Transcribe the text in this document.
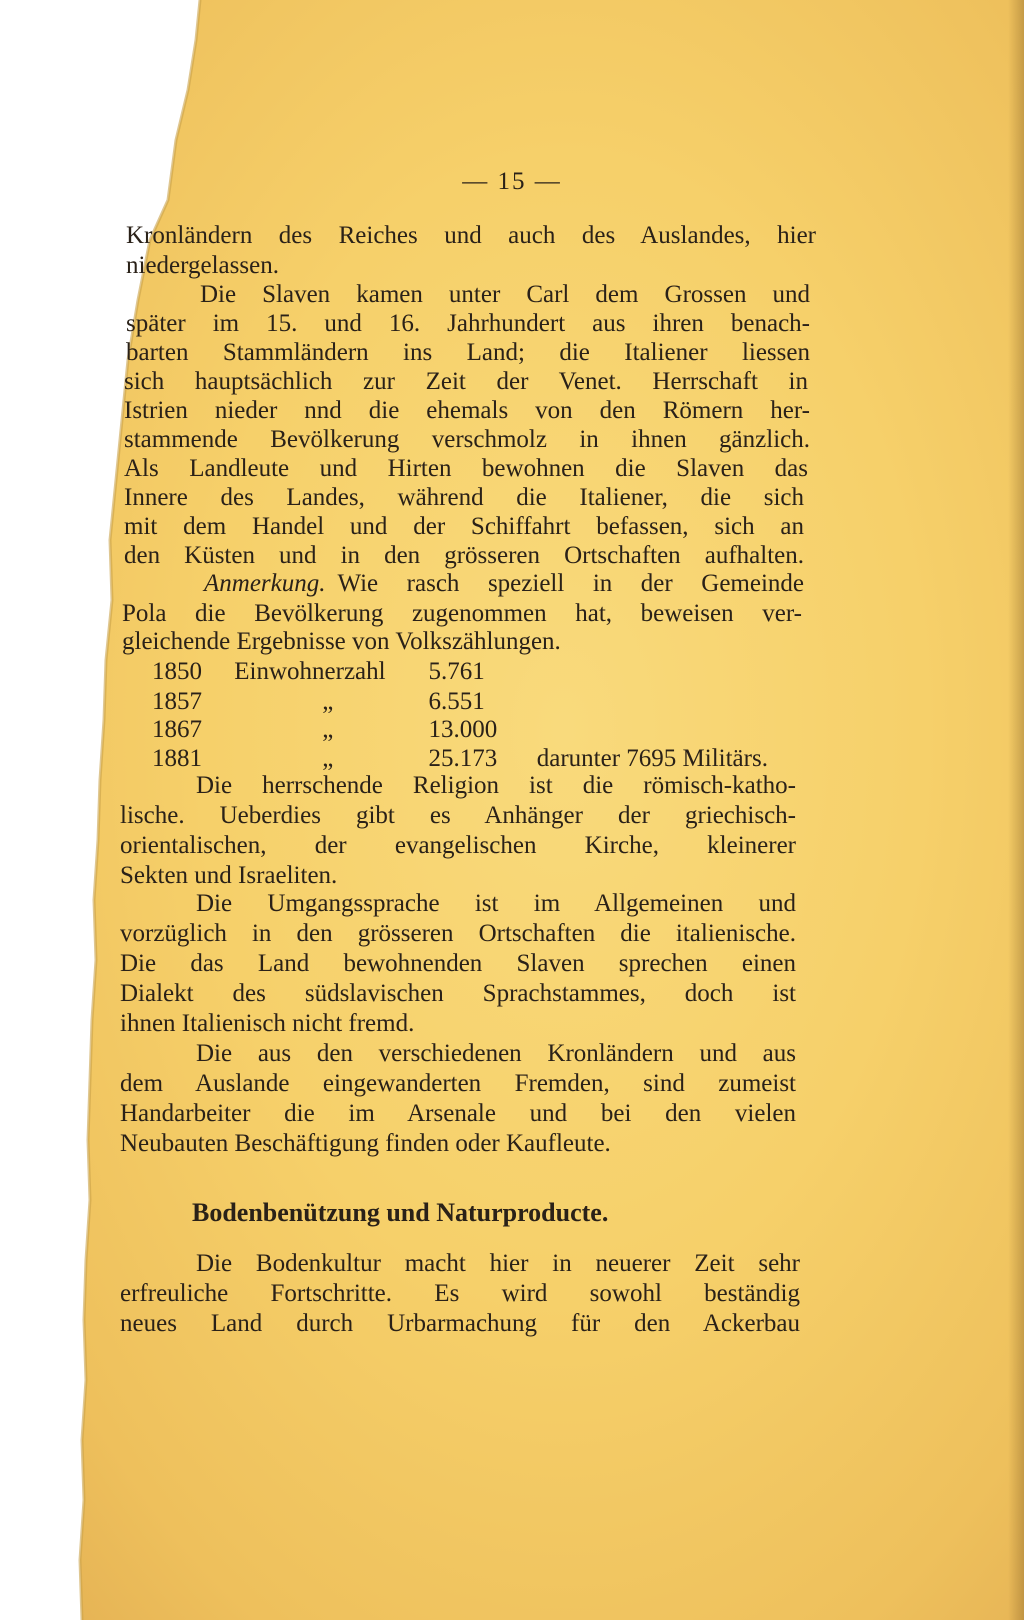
— 15 —
Kronländern des Reiches und auch des Auslandes, hier
niedergelassen.
Die Slaven kamen unter Carl dem Grossen und
später im 15. und 16. Jahrhundert aus ihren benach-
barten Stammländern ins Land; die Italiener liessen
sich hauptsächlich zur Zeit der Venet. Herrschaft in
Istrien nieder nnd die ehemals von den Römern her-
stammende Bevölkerung verschmolz in ihnen gänzlich.
Als Landleute und Hirten bewohnen die Slaven das
Innere des Landes, während die Italiener, die sich
mit dem Handel und der Schiffahrt befassen, sich an
den Küsten und in den grösseren Ortschaften aufhalten.
Anmerkung. Wie rasch speziell in der Gemeinde
Pola die Bevölkerung zugenommen hat, beweisen ver-
gleichende Ergebnisse von Volkszählungen.
1850 Einwohnerzahl 5.761
1857	„	6.551
1867	„	13.000
1881	„	25.173 darunter 7695 Militärs.
Die herrschende Religion ist die römisch-katho-
lische. Ueberdies gibt es Anhänger der griechisch-
orientalischen, der evangelischen Kirche, kleinerer
Sekten und Israeliten.
Die Umgangssprache ist im Allgemeinen und
vorzüglich in den grösseren Ortschaften die italienische.
Die das Land bewohnenden Slaven sprechen einen
Dialekt des südslavischen Sprachstammes, doch ist
ihnen Italienisch nicht fremd.
Die aus den verschiedenen Kronländern und aus
dem Auslande eingewanderten Fremden, sind zumeist
Handarbeiter die im Arsenale und bei den vielen
Neubauten Beschäftigung finden oder Kaufleute.
Bodenbenützung und Naturproducte.
Die Bodenkultur macht hier in neuerer Zeit sehr
erfreuliche Fortschritte. Es wird sowohl beständig
neues Land durch Urbarmachung für den Ackerbau
